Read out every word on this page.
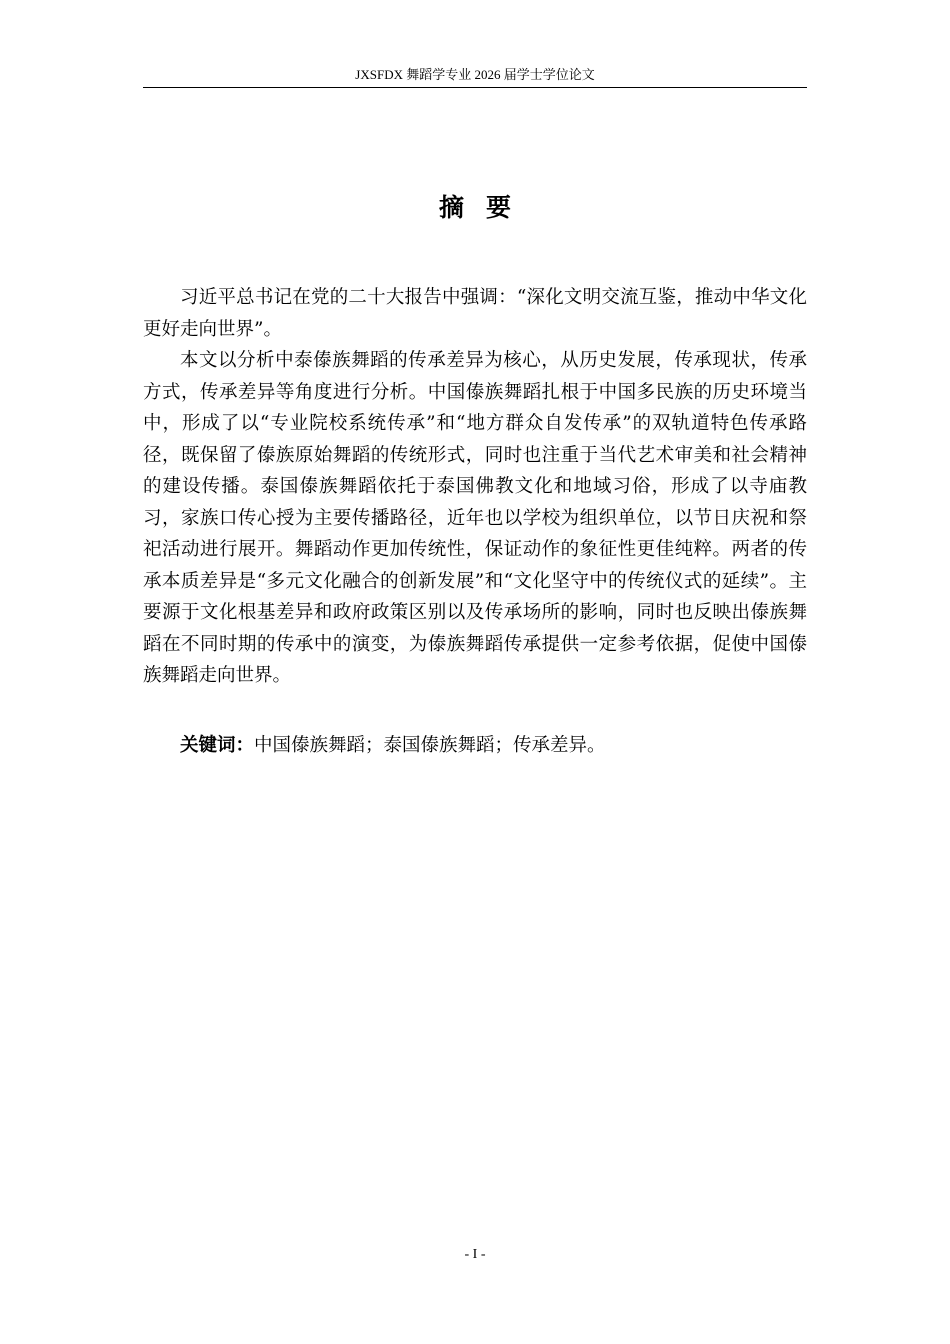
JXSFDX 舞蹈学专业 2026 届学士学位论文
摘要

习近平总书记在党的二十大报告中强调：“深化文明交流互鉴，推动中华文化更好走向世界”。

本文以分析中泰傣族舞蹈的传承差异为核心，从历史发展，传承现状，传承方式，传承差异等角度进行分析。中国傣族舞蹈扎根于中国多民族的历史环境当中，形成了以“专业院校系统传承”和“地方群众自发传承”的双轨道特色传承路径，既保留了傣族原始舞蹈的传统形式，同时也注重于当代艺术审美和社会精神的建设传播。泰国傣族舞蹈依托于泰国佛教文化和地域习俗，形成了以寺庙教习，家族口传心授为主要传播路径，近年也以学校为组织单位，以节日庆祝和祭祀活动进行展开。舞蹈动作更加传统性，保证动作的象征性更佳纯粹。两者的传承本质差异是“多元文化融合的创新发展”和“文化坚守中的传统仪式的延续”。主要源于文化根基差异和政府政策区别以及传承场所的影响，同时也反映出傣族舞蹈在不同时期的传承中的演变，为傣族舞蹈传承提供一定参考依据，促使中国傣族舞蹈走向世界。

关键词：中国傣族舞蹈；泰国傣族舞蹈；传承差异。
- I -
